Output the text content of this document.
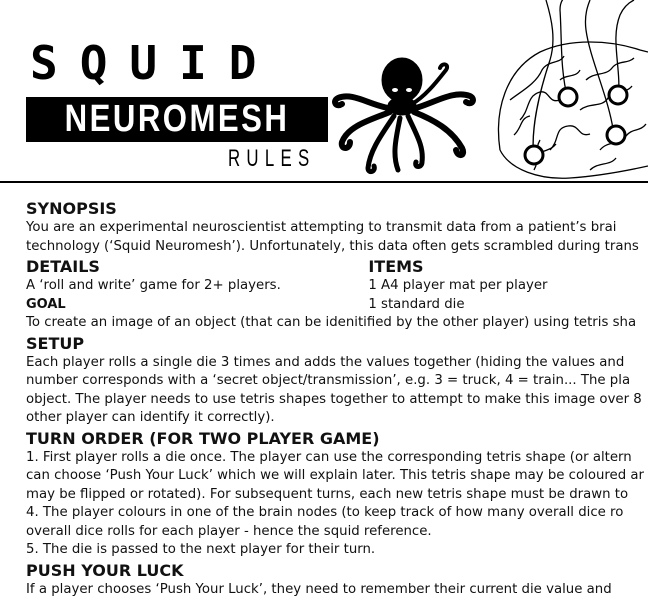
SQUID
NEUROMESH
RULES
SYNOPSIS

You are an experimental neuroscientist attempting to transmit data from a patient’s brai

technology (‘Squid Neuromesh’). Unfortunately, this data often gets scrambled during trans

DETAILS

A ‘roll and write’ game for 2+ players.

GOAL
ITEMS

1 A4 player mat per player

1 standard die

To create an image of an object (that can be idenitified by the other player) using tetris sha

SETUP

Each player rolls a single die 3 times and adds the values together (hiding the values and

number corresponds with a ‘secret object/transmission’, e.g. 3 = truck, 4 = train... The pla

object. The player needs to use tetris shapes together to attempt to make this image over 8

other player can identify it correctly).

TURN ORDER (FOR TWO PLAYER GAME)

1. First player rolls a die once. The player can use the corresponding tetris shape (or altern

can choose ‘Push Your Luck’ which we will explain later. This tetris shape may be coloured ar

may be flipped or rotated). For subsequent turns, each new tetris shape must be drawn to

4. The player colours in one of the brain nodes (to keep track of how many overall dice ro

overall dice rolls for each player - hence the squid reference.

5. The die is passed to the next player for their turn.

PUSH YOUR LUCK

If a player chooses ‘Push Your Luck’, they need to remember their current die value and
